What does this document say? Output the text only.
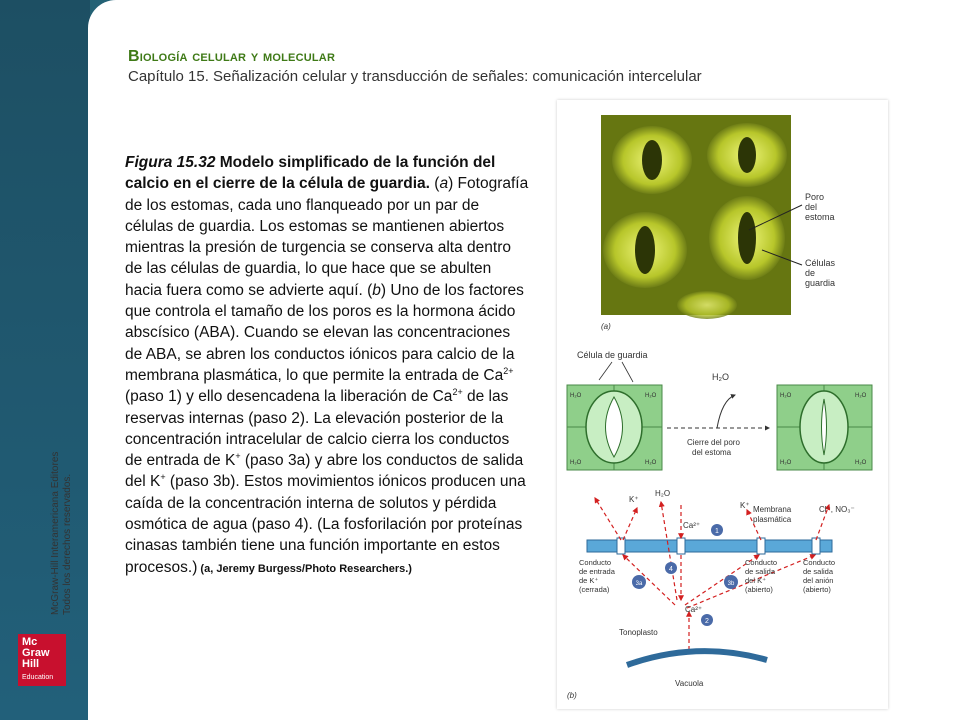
McGraw-Hill Interamericana Editores Todos los derechos reservados.
Mc
Graw
Hill
Education
Biología celular y molecular
Capítulo 15. Señalización celular y transducción de señales: comunicación intercelular
Figura 15.32 Modelo simplificado de la función del calcio en el cierre de la célula de guardia. (a) Fotografía de los estomas, cada uno flanqueado por un par de células de guardia. Los estomas se mantienen abiertos mientras la presión de turgencia se conserva alta dentro de las células de guardia, lo que hace que se abulten hacia fuera como se advierte aquí. (b) Uno de los factores que controla el tamaño de los poros es la hormona ácido abscísico (ABA). Cuando se elevan las concentraciones de ABA, se abren los conductos iónicos para calcio de la membrana plasmática, lo que permite la entrada de $Ca^{2+}$ (paso 1) y ello desencadena la liberación de $Ca^{2+}$ de las reservas internas (paso 2). La elevación posterior de la concentración intracelular de calcio cierra los conductos de entrada de K+ (paso 3a) y abre los conductos de salida del K+ (paso 3b). Estos movimientos iónicos producen una caída de la concentración interna de solutos y pérdida osmótica de agua (paso 4). (La fosforilación por proteínas cinasas también tiene una función importante en estos procesos.) (a, Jeremy Burgess/Photo Researchers.)
Poro
del
estoma
Células
de
guardia
(a)
Célula de guardia
H₂O	H₂O
H₂O	H₂O
H₂O	H₂O
H₂O	H₂O
H₂O
Cierre del poro
del estoma
K⁺
H₂O
Ca²⁺
K⁺ Membrana
plasmática
Cl⁻, NO₃⁻
Ca²⁺
1
2
3a	3b
4
Conducto
de entrada
de K⁺
(cerrada)
Conducto
de salida
del K⁺
(abierto)
Conducto
de salida
del anión
(abierto)
Tonoplasto
Vacuola
(b)
